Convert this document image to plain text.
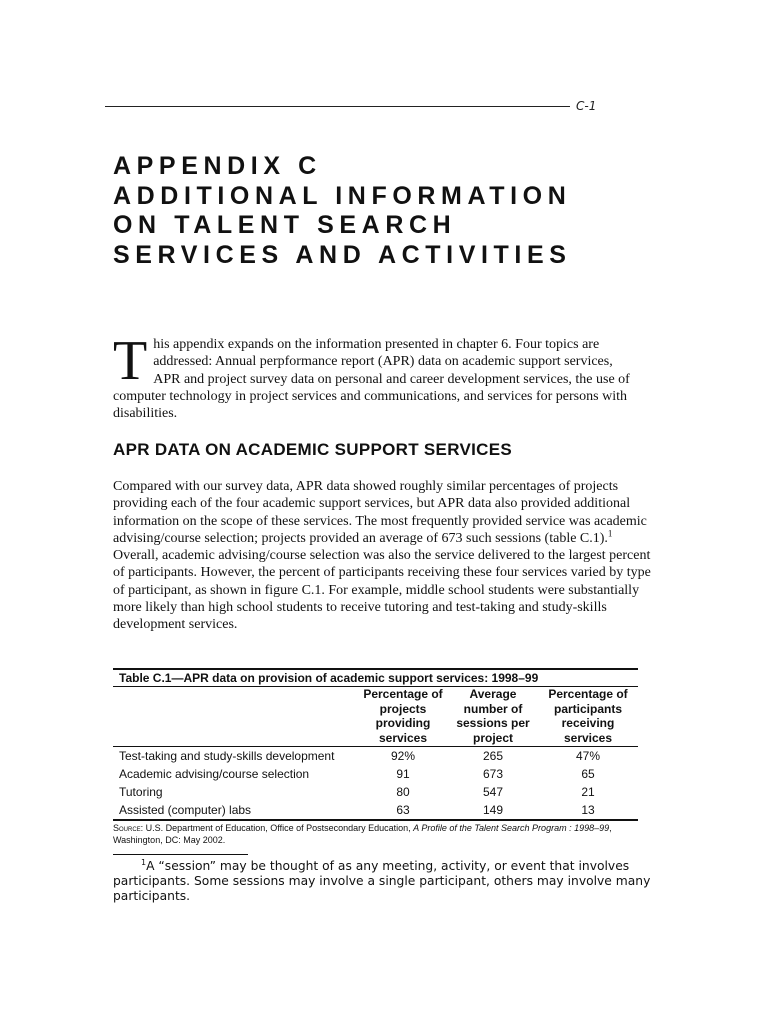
C-1
APPENDIX C
ADDITIONAL INFORMATION
ON TALENT SEARCH
SERVICES AND ACTIVITIES
T his appendix expands on the information presented in chapter 6. Four topics are addressed: Annual perpformance report (APR) data on academic support services, APR and project survey data on personal and career development services, the use of computer technology in project services and communications, and services for persons with disabilities.

APR DATA ON ACADEMIC SUPPORT SERVICES

Compared with our survey data, APR data showed roughly similar percentages of projects providing each of the four academic support services, but APR data also provided additional information on the scope of these services. The most frequently provided service was academic advising/course selection; projects provided an average of 673 such sessions (table C.1).$^1$ Overall, academic advising/course selection was also the service delivered to the largest percent of participants. However, the percent of participants receiving these four services varied by type of participant, as shown in figure C.1. For example, middle school students were substantially more likely than high school students to receive tutoring and test-taking and study-skills development services.

Table C.1—APR data on provision of academic support services: 1998–99
	Percentage of projects providing services	Average number of sessions per project	Percentage of participants receiving services
Test-taking and study-skills development	92%	265	47%
Academic advising/course selection	91	673	65
Tutoring	80	547	21
Assisted (computer) labs	63	149	13
Source: U.S. Department of Education, Office of Postsecondary Education, A Profile of the Talent Search Program : 1998–99, Washington, DC: May 2002.

$^1$A “session” may be thought of as any meeting, activity, or event that involves participants. Some sessions may involve a single participant, others may involve many participants.
